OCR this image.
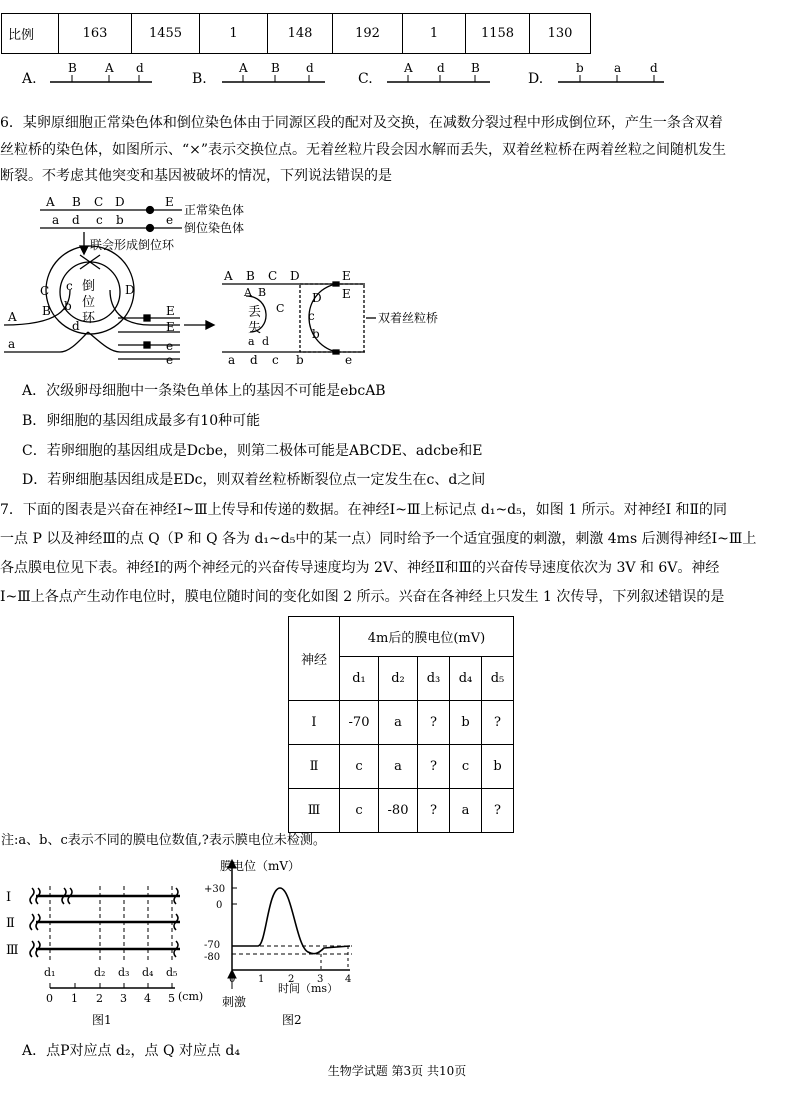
比例	163	1455	1	148	192	1	1158	130
A.
B A d
B.
A B d
C.
A d B
D.
b	a d
6．某卵原细胞正常染色体和倒位染色体由于同源区段的配对及交换，在减数分裂过程中形成倒位环，产生一条含双着
丝粒桥的染色体，如图所示、“×”表示交换位点。无着丝粒片段会因水解而丢失，双着丝粒桥在两着丝粒之间随机发生
断裂。不考虑其他突变和基因被破坏的情况，下列说法错误的是
A B C D	E
a d c b	e
正常染色体
倒位染色体
联会形成倒位环
倒
位
环
C
B
D
c
b
d
A
a
E
E
e
e
A B C D	E
a d c b	e
丢
失
A B
C
a d
D E
c
b
双着丝粒桥
A．次级卵母细胞中一条染色单体上的基因不可能是ebcAB
B．卵细胞的基因组成最多有10种可能
C．若卵细胞的基因组成是Dcbe，则第二极体可能是ABCDE、adcbe和E
D．若卵细胞基因组成是EDc，则双着丝粒桥断裂位点一定发生在c、d之间
7．下面的图表是兴奋在神经Ⅰ~Ⅲ上传导和传递的数据。在神经Ⅰ~Ⅲ上标记点 d₁~d₅，如图 1 所示。对神经Ⅰ 和Ⅱ的同
一点 P 以及神经Ⅲ的点 Q（P 和 Q 各为 d₁~d₅中的某一点）同时给予一个适宜强度的刺激，刺激 4ms 后测得神经Ⅰ~Ⅲ上
各点膜电位见下表。神经Ⅰ的两个神经元的兴奋传导速度均为 2V、神经Ⅱ和Ⅲ的兴奋传导速度依次为 3V 和 6V。神经
Ⅰ~Ⅲ上各点产生动作电位时，膜电位随时间的变化如图 2 所示。兴奋在各神经上只发生 1 次传导，下列叙述错误的是
神经	4m后的膜电位(mV)				
	d₁	d₂	d₃	d₄	d₅
Ⅰ	-70	a	?	b	?
Ⅱ	c	a	?	c	b
Ⅲ	c	-80	?	a	?
注:a、b、c表示不同的膜电位数值,?表示膜电位未检测。
Ⅰ
Ⅱ
Ⅲ
d₁	d₂ d₃ d₄ d₅
0 1 2 3 4 5 (cm)
图1
膜电位（mV）
+30
0
-70
-80
0 1 2 3 4
时间（ms）
刺激
图2
A．点P对应点 d₂，点 Q 对应点 d₄
生物学试题 第3页 共10页
